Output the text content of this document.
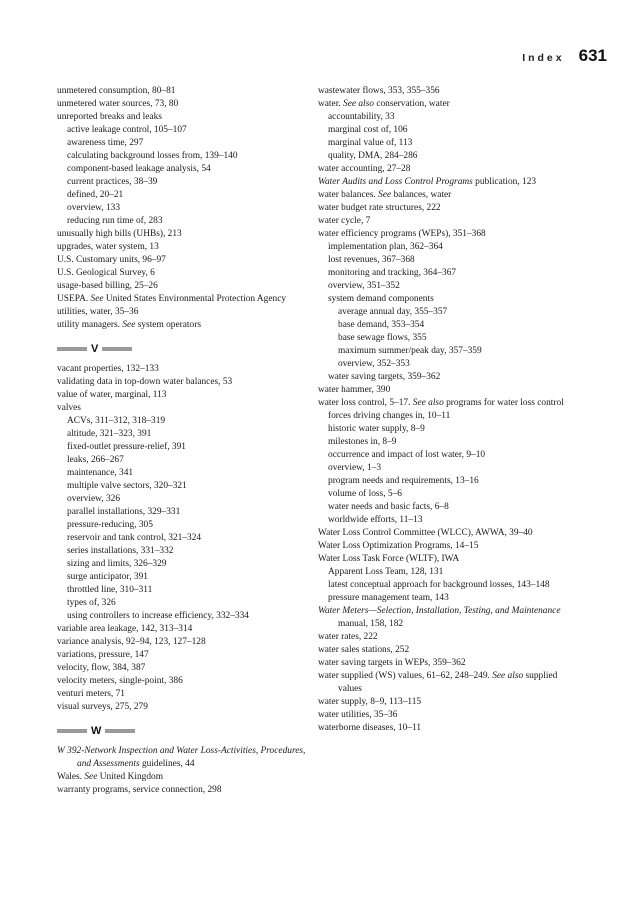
Index 631
unmetered consumption, 80–81
unmetered water sources, 73, 80
unreported breaks and leaks
active leakage control, 105–107
awareness time, 297
calculating background losses from, 139–140
component-based leakage analysis, 54
current practices, 38–39
defined, 20–21
overview, 133
reducing run time of, 283
unusually high bills (UHBs), 213
upgrades, water system, 13
U.S. Customary units, 96–97
U.S. Geological Survey, 6
usage-based billing, 25–26
USEPA. See United States Environmental Protection Agency
utilities, water, 35–36
utility managers. See system operators
V
vacant properties, 132–133
validating data in top-down water balances, 53
value of water, marginal, 113
valves
ACVs, 311–312, 318–319
altitude, 321–323, 391
fixed-outlet pressure-relief, 391
leaks, 266–267
maintenance, 341
multiple valve sectors, 320–321
overview, 326
parallel installations, 329–331
pressure-reducing, 305
reservoir and tank control, 321–324
series installations, 331–332
sizing and limits, 326–329
surge anticipator, 391
throttled line, 310–311
types of, 326
using controllers to increase efficiency, 332–334
variable area leakage, 142, 313–314
variance analysis, 92–94, 123, 127–128
variations, pressure, 147
velocity, flow, 384, 387
velocity meters, single-point, 386
venturi meters, 71
visual surveys, 275, 279
W
W 392-Network Inspection and Water Loss-Activities, Procedures, and Assessments guidelines, 44
Wales. See United Kingdom
warranty programs, service connection, 298
wastewater flows, 353, 355–356
water. See also conservation, water
accountability, 33
marginal cost of, 106
marginal value of, 113
quality, DMA, 284–286
water accounting, 27–28
Water Audits and Loss Control Programs publication, 123
water balances. See balances, water
water budget rate structures, 222
water cycle, 7
water efficiency programs (WEPs), 351–368
implementation plan, 362–364
lost revenues, 367–368
monitoring and tracking, 364–367
overview, 351–352
system demand components
average annual day, 355–357
base demand, 353–354
base sewage flows, 355
maximum summer/peak day, 357–359
overview, 352–353
water saving targets, 359–362
water hammer, 390
water loss control, 5–17. See also programs for water loss control
forces driving changes in, 10–11
historic water supply, 8–9
milestones in, 8–9
occurrence and impact of lost water, 9–10
overview, 1–3
program needs and requirements, 13–16
volume of loss, 5–6
water needs and basic facts, 6–8
worldwide efforts, 11–13
Water Loss Control Committee (WLCC), AWWA, 39–40
Water Loss Optimization Programs, 14–15
Water Loss Task Force (WLTF), IWA
Apparent Loss Team, 128, 131
latest conceptual approach for background losses, 143–148
pressure management team, 143
Water Meters—Selection, Installation, Testing, and Maintenance manual, 158, 182
water rates, 222
water sales stations, 252
water saving targets in WEPs, 359–362
water supplied (WS) values, 61–62, 248–249. See also supplied values
water supply, 8–9, 113–115
water utilities, 35–36
waterborne diseases, 10–11
